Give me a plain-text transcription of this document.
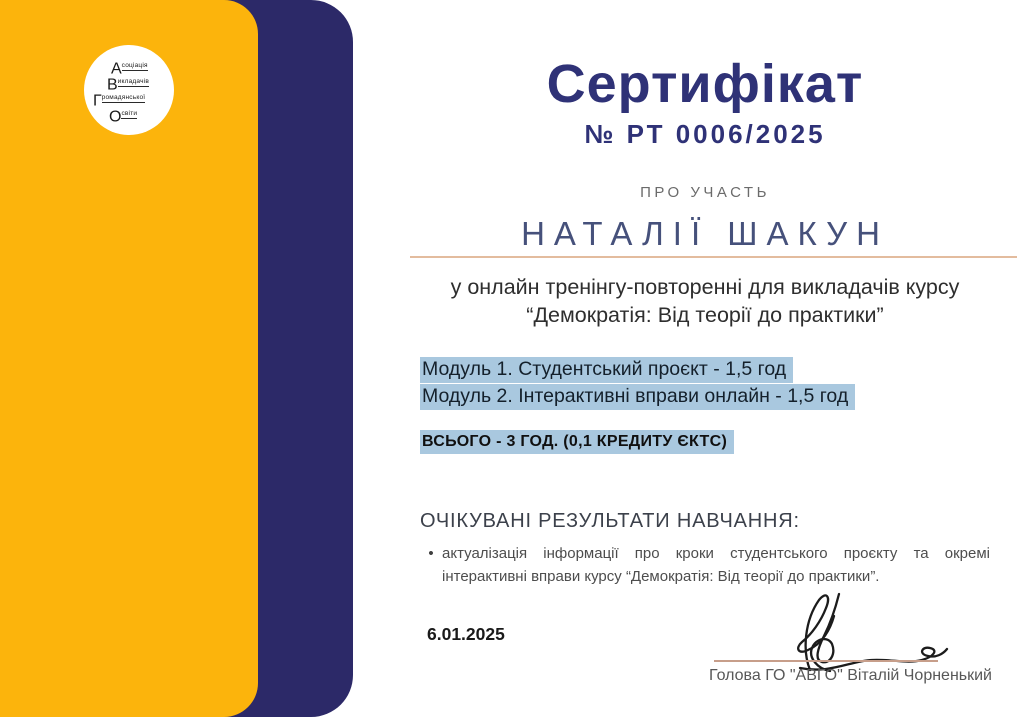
$А^{соціація}$
$В^{икладачів}$
$Г^{ромадянської}$
$О^{світи}$	Сертифікат
№ РТ 0006/2025
ПРО УЧАСТЬ
НАТАЛІЇ ШАКУН
у онлайн тренінгу-повторенні для викладачів курсу
“Демократія: Від теорії до практики”
Модуль 1. Студентський проєкт - 1,5 год
Модуль 2. Інтерактивні вправи онлайн - 1,5 год
ВСЬОГО - 3 ГОД. (0,1 КРЕДИТУ ЄКТС)
ОЧІКУВАНІ РЕЗУЛЬТАТИ НАВЧАННЯ:
• актуалізація інформації про кроки студентського проєкту та окремі інтерактивні вправи курсу “Демократія: Від теорії до практики”.
6.01.2025
Голова ГО "АВГО" Віталій Чорненький
